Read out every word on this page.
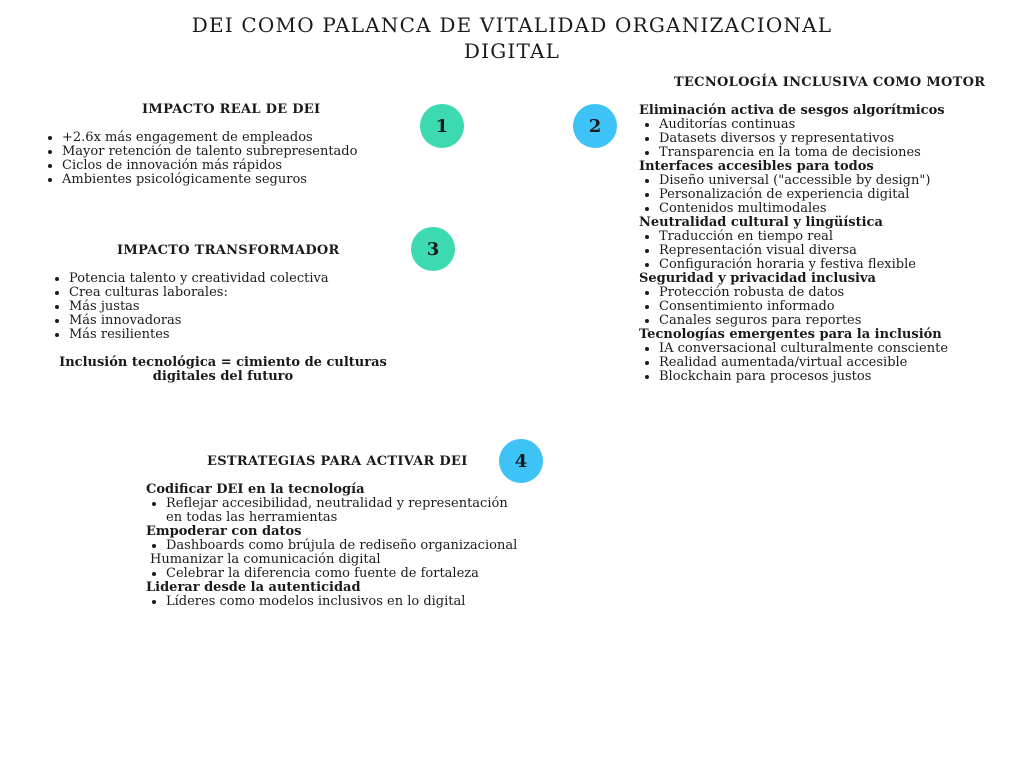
DEI COMO PALANCA DE VITALIDAD ORGANIZACIONAL
DIGITAL
IMPACTO REAL DE DEI
• +2.6x más engagement de empleados
• Mayor retención de talento subrepresentado
• Ciclos de innovación más rápidos
• Ambientes psicológicamente seguros
1	2
3
4
IMPACTO TRANSFORMADOR
• Potencia talento y creatividad colectiva
• Crea culturas laborales:
• Más justas
• Más innovadoras
• Más resilientes
Inclusión tecnológica = cimiento de culturas
digitales del futuro
TECNOLOGÍA INCLUSIVA COMO MOTOR
Eliminación activa de sesgos algorítmicos
• Auditorías continuas
• Datasets diversos y representativos
• Transparencia en la toma de decisiones
Interfaces accesibles para todos
• Diseño universal ("accessible by design")
• Personalización de experiencia digital
• Contenidos multimodales
Neutralidad cultural y lingüística
• Traducción en tiempo real
• Representación visual diversa
• Configuración horaria y festiva flexible
Seguridad y privacidad inclusiva
• Protección robusta de datos
• Consentimiento informado
• Canales seguros para reportes
Tecnologías emergentes para la inclusión
• IA conversacional culturalmente consciente
• Realidad aumentada/virtual accesible
• Blockchain para procesos justos
ESTRATEGIAS PARA ACTIVAR DEI
Codificar DEI en la tecnología
• Reflejar accesibilidad, neutralidad y representación
en todas las herramientas
Empoderar con datos
• Dashboards como brújula de rediseño organizacional
Humanizar la comunicación digital
• Celebrar la diferencia como fuente de fortaleza
Liderar desde la autenticidad
• Líderes como modelos inclusivos en lo digital
